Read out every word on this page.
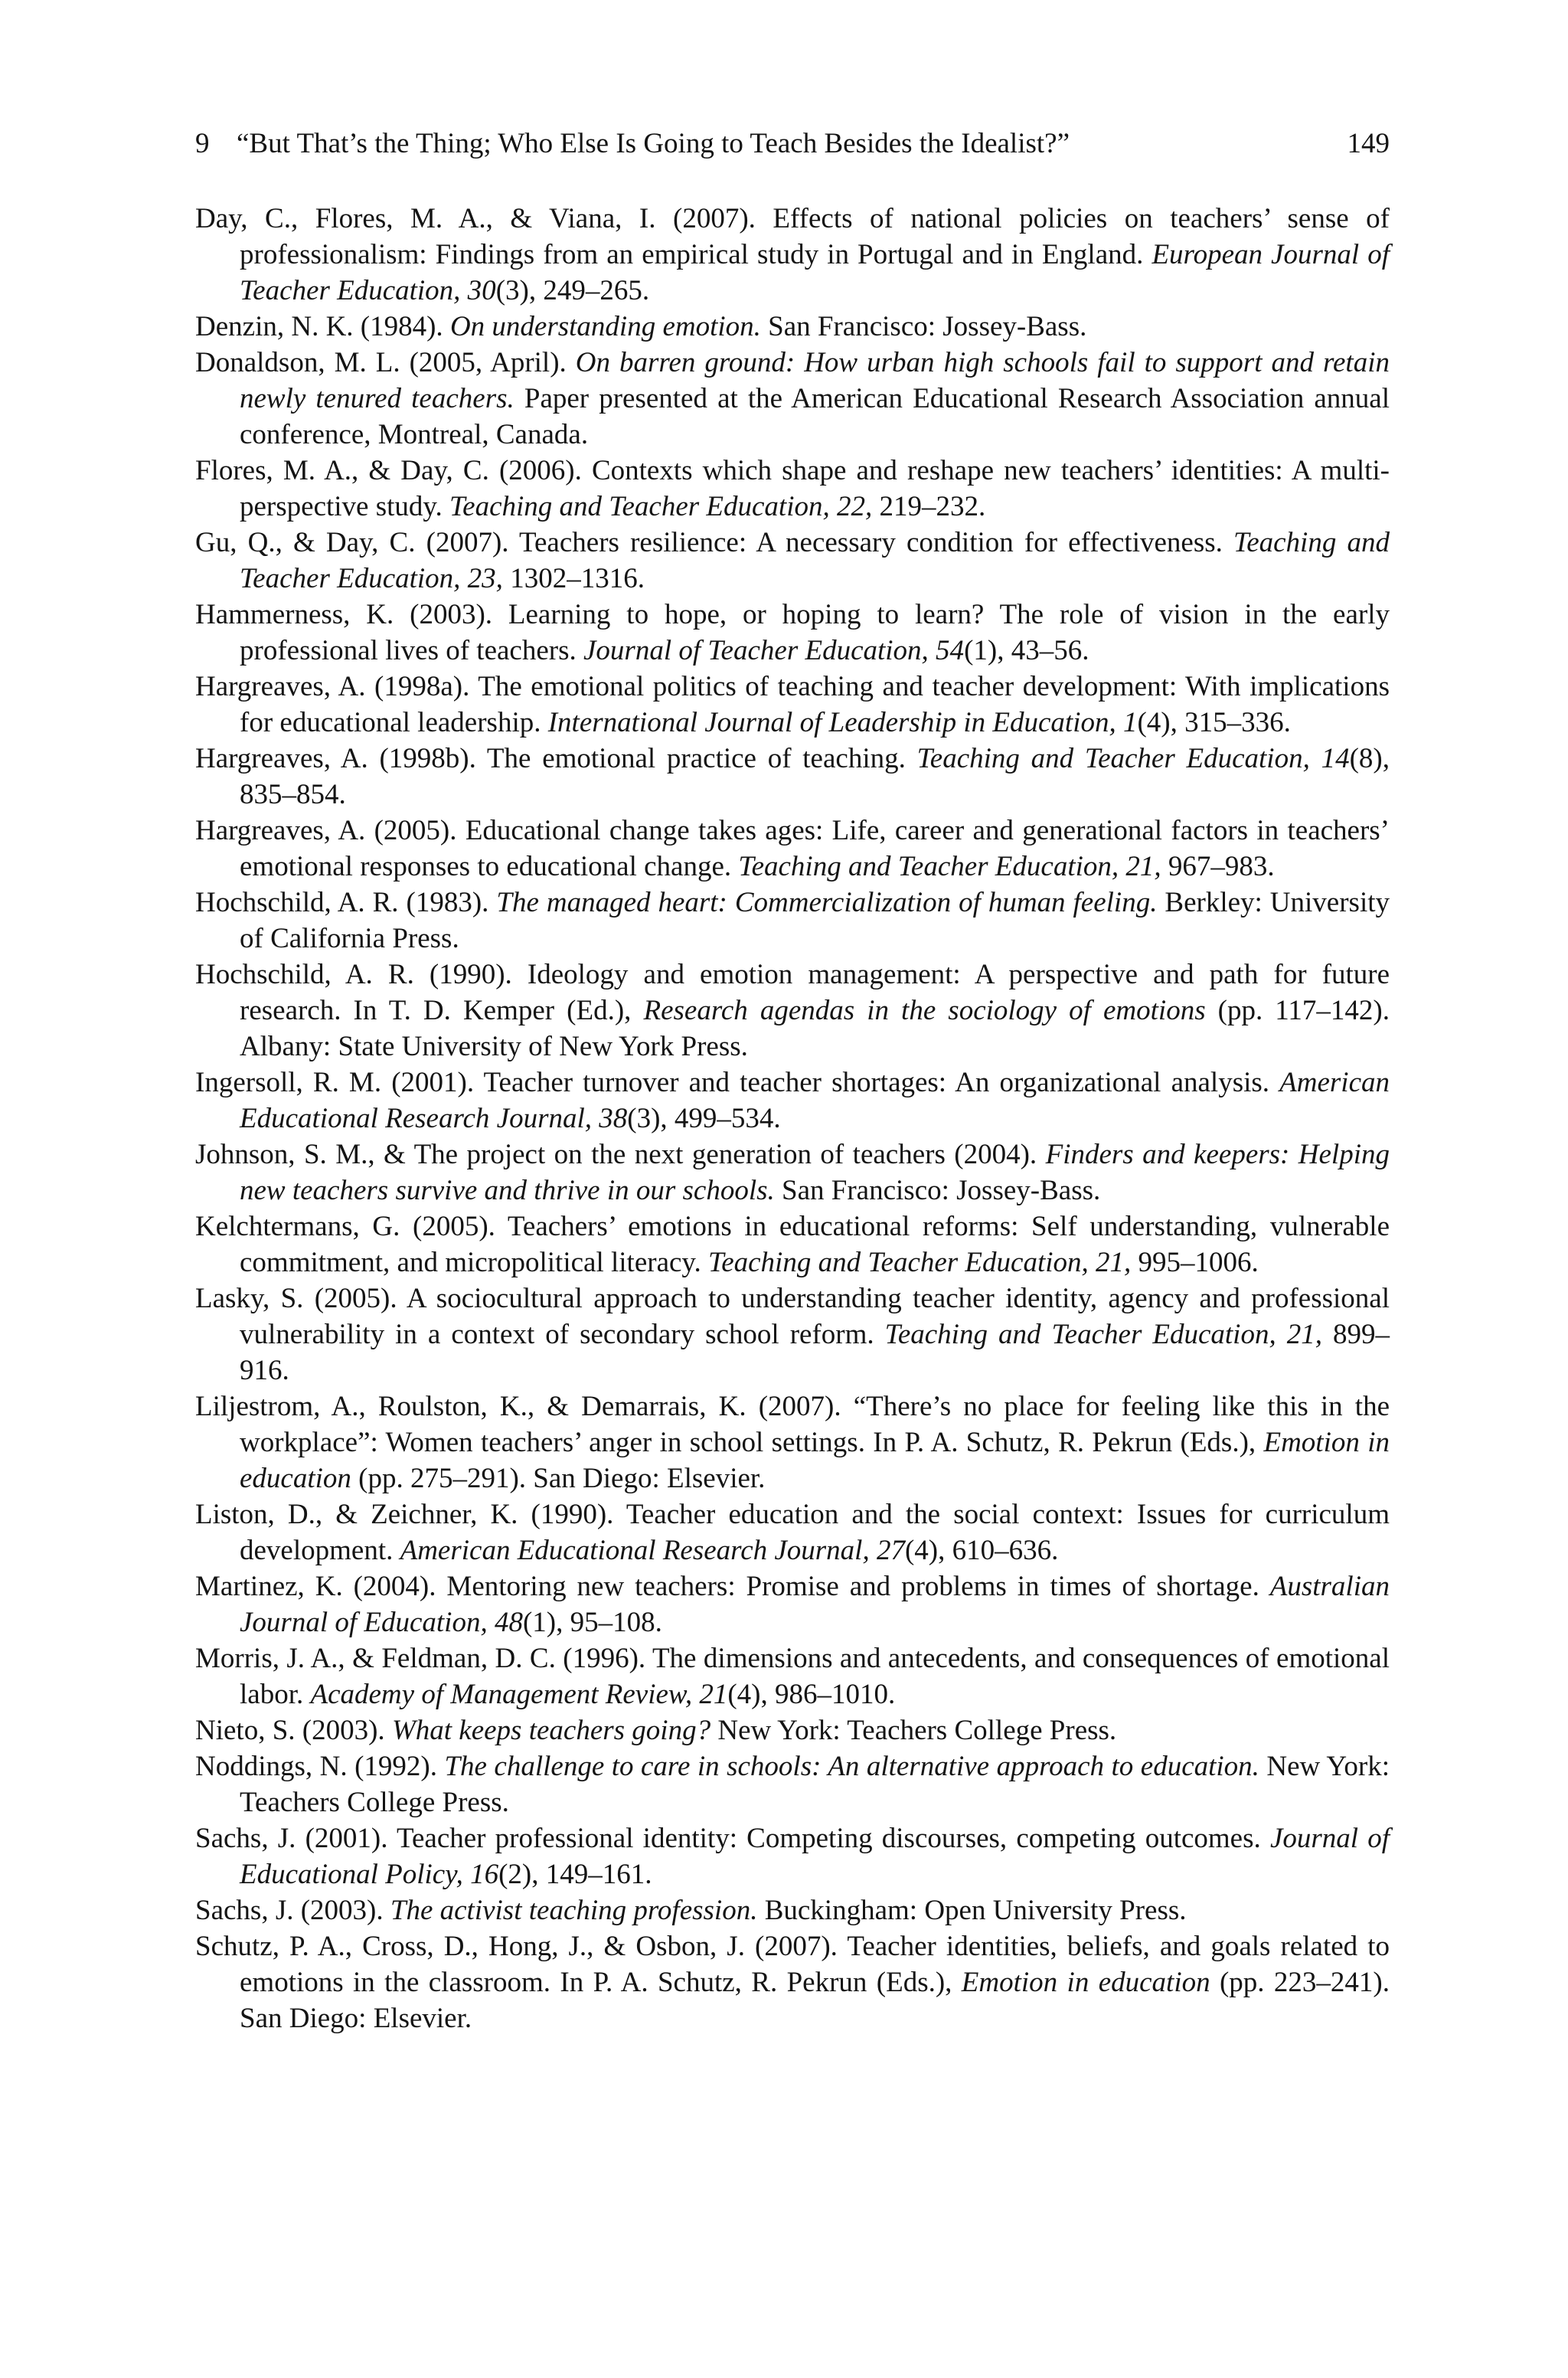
9 “But That’s the Thing; Who Else Is Going to Teach Besides the Idealist?”	149
Day, C., Flores, M. A., & Viana, I. (2007). Effects of national policies on teachers’ sense of professionalism: Findings from an empirical study in Portugal and in England. European Journal of Teacher Education, 30(3), 249–265.
Denzin, N. K. (1984). On understanding emotion. San Francisco: Jossey-Bass.
Donaldson, M. L. (2005, April). On barren ground: How urban high schools fail to support and retain newly tenured teachers. Paper presented at the American Educational Research Association annual conference, Montreal, Canada.
Flores, M. A., & Day, C. (2006). Contexts which shape and reshape new teachers’ identities: A multi-perspective study. Teaching and Teacher Education, 22, 219–232.
Gu, Q., & Day, C. (2007). Teachers resilience: A necessary condition for effectiveness. Teaching and Teacher Education, 23, 1302–1316.
Hammerness, K. (2003). Learning to hope, or hoping to learn? The role of vision in the early professional lives of teachers. Journal of Teacher Education, 54(1), 43–56.
Hargreaves, A. (1998a). The emotional politics of teaching and teacher development: With implications for educational leadership. International Journal of Leadership in Education, 1(4), 315–336.
Hargreaves, A. (1998b). The emotional practice of teaching. Teaching and Teacher Education, 14(8), 835–854.
Hargreaves, A. (2005). Educational change takes ages: Life, career and generational factors in teachers’ emotional responses to educational change. Teaching and Teacher Education, 21, 967–983.
Hochschild, A. R. (1983). The managed heart: Commercialization of human feeling. Berkley: University of California Press.
Hochschild, A. R. (1990). Ideology and emotion management: A perspective and path for future research. In T. D. Kemper (Ed.), Research agendas in the sociology of emotions (pp. 117–142). Albany: State University of New York Press.
Ingersoll, R. M. (2001). Teacher turnover and teacher shortages: An organizational analysis. American Educational Research Journal, 38(3), 499–534.
Johnson, S. M., & The project on the next generation of teachers (2004). Finders and keepers: Helping new teachers survive and thrive in our schools. San Francisco: Jossey-Bass.
Kelchtermans, G. (2005). Teachers’ emotions in educational reforms: Self understanding, vulnerable commitment, and micropolitical literacy. Teaching and Teacher Education, 21, 995–1006.
Lasky, S. (2005). A sociocultural approach to understanding teacher identity, agency and professional vulnerability in a context of secondary school reform. Teaching and Teacher Education, 21, 899–916.
Liljestrom, A., Roulston, K., & Demarrais, K. (2007). “There’s no place for feeling like this in the workplace”: Women teachers’ anger in school settings. In P. A. Schutz, R. Pekrun (Eds.), Emotion in education (pp. 275–291). San Diego: Elsevier.
Liston, D., & Zeichner, K. (1990). Teacher education and the social context: Issues for curriculum development. American Educational Research Journal, 27(4), 610–636.
Martinez, K. (2004). Mentoring new teachers: Promise and problems in times of shortage. Australian Journal of Education, 48(1), 95–108.
Morris, J. A., & Feldman, D. C. (1996). The dimensions and antecedents, and consequences of emotional labor. Academy of Management Review, 21(4), 986–1010.
Nieto, S. (2003). What keeps teachers going? New York: Teachers College Press.
Noddings, N. (1992). The challenge to care in schools: An alternative approach to education. New York: Teachers College Press.
Sachs, J. (2001). Teacher professional identity: Competing discourses, competing outcomes. Journal of Educational Policy, 16(2), 149–161.
Sachs, J. (2003). The activist teaching profession. Buckingham: Open University Press.
Schutz, P. A., Cross, D., Hong, J., & Osbon, J. (2007). Teacher identities, beliefs, and goals related to emotions in the classroom. In P. A. Schutz, R. Pekrun (Eds.), Emotion in education (pp. 223–241). San Diego: Elsevier.
